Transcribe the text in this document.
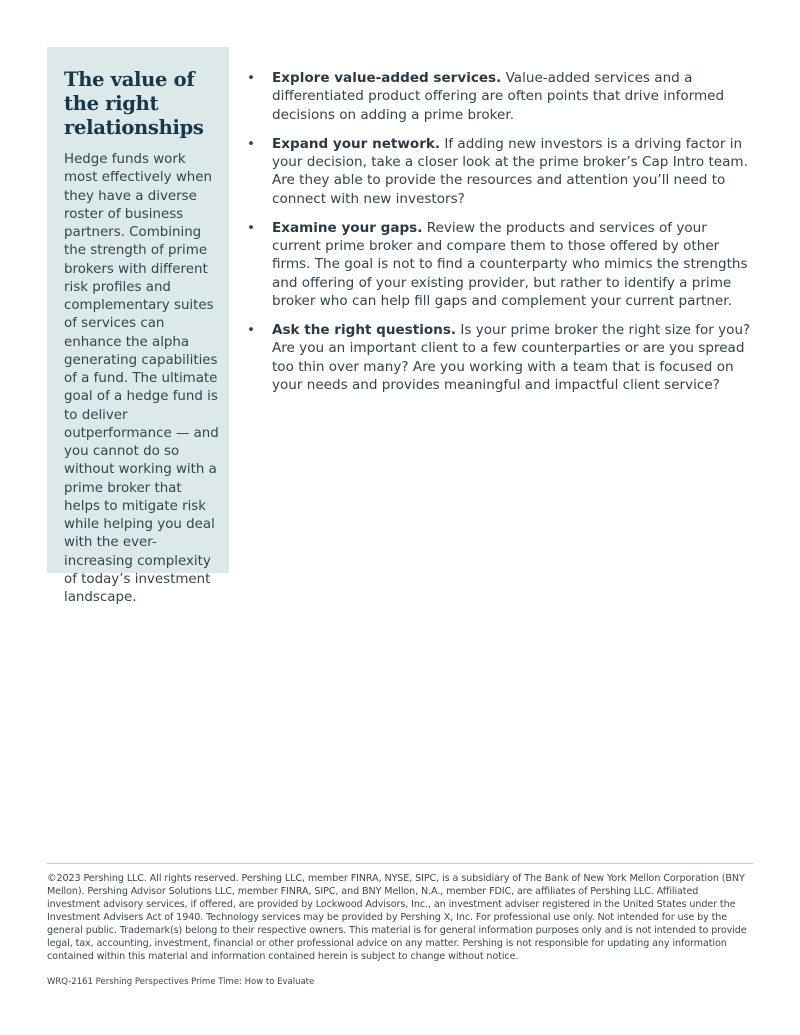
The value of the right relationships

Hedge funds work most effectively when they have a diverse roster of business partners. Combining the strength of prime brokers with different risk profiles and complementary suites of services can enhance the alpha generating capabilities of a fund. The ultimate goal of a hedge fund is to deliver outperformance — and you cannot do so without working with a prime broker that helps to mitigate risk while helping you deal with the ever-increasing complexity of today’s investment landscape.

• Explore value-added services. Value-added services and a differentiated product offering are often points that drive informed decisions on adding a prime broker.
• Expand your network. If adding new investors is a driving factor in your decision, take a closer look at the prime broker’s Cap Intro team. Are they able to provide the resources and attention you’ll need to connect with new investors?
• Examine your gaps. Review the products and services of your current prime broker and compare them to those offered by other firms. The goal is not to find a counterparty who mimics the strengths and offering of your existing provider, but rather to identify a prime broker who can help fill gaps and complement your current partner.
• Ask the right questions. Is your prime broker the right size for you? Are you an important client to a few counterparties or are you spread too thin over many? Are you working with a team that is focused on your needs and provides meaningful and impactful client service?

©2023 Pershing LLC. All rights reserved. Pershing LLC, member FINRA, NYSE, SIPC, is a subsidiary of The Bank of New York Mellon Corporation (BNY Mellon). Pershing Advisor Solutions LLC, member FINRA, SIPC, and BNY Mellon, N.A., member FDIC, are affiliates of Pershing LLC. Affiliated investment advisory services, if offered, are provided by Lockwood Advisors, Inc., an investment adviser registered in the United States under the Investment Advisers Act of 1940. Technology services may be provided by Pershing X, Inc. For professional use only. Not intended for use by the general public. Trademark(s) belong to their respective owners. This material is for general information purposes only and is not intended to provide legal, tax, accounting, investment, financial or other professional advice on any matter. Pershing is not responsible for updating any information contained within this material and information contained herein is subject to change without notice.

WRQ-2161 Pershing Perspectives Prime Time: How to Evaluate
